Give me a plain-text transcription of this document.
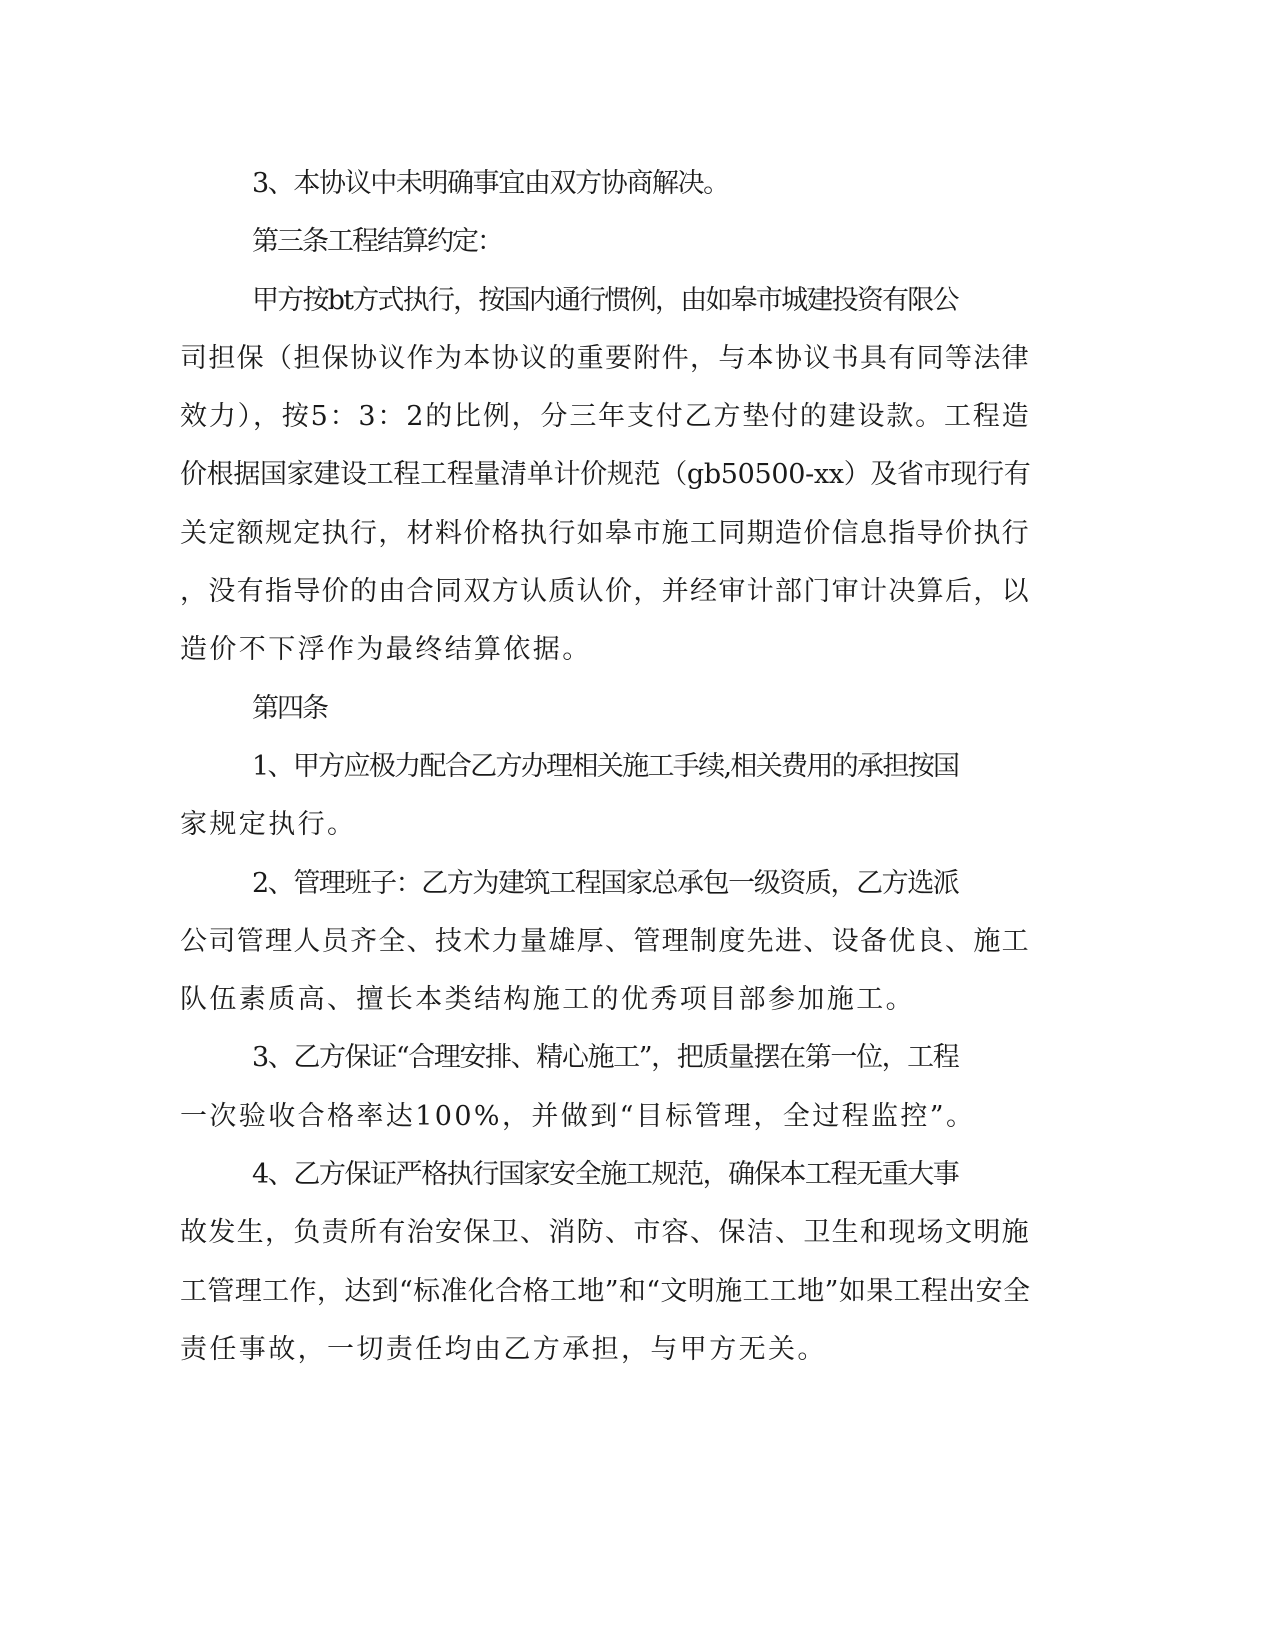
3、本协议中未明确事宜由双方协商解决。

第三条工程结算约定：

甲方按bt方式执行，按国内通行惯例，由如皋市城建投资有限公

司担保（担保协议作为本协议的重要附件，与本协议书具有同等法律

效力），按5：3：2的比例，分三年支付乙方垫付的建设款。工程造

价根据国家建设工程工程量清单计价规范（gb50500-xx）及省市现行有

关定额规定执行，材料价格执行如皋市施工同期造价信息指导价执行

，没有指导价的由合同双方认质认价，并经审计部门审计决算后，以

造价不下浮作为最终结算依据。

第四条

1、甲方应极力配合乙方办理相关施工手续,相关费用的承担按国

家规定执行。

2、管理班子：乙方为建筑工程国家总承包一级资质，乙方选派

公司管理人员齐全、技术力量雄厚、管理制度先进、设备优良、施工

队伍素质高、擅长本类结构施工的优秀项目部参加施工。

3、乙方保证“合理安排、精心施工”，把质量摆在第一位，工程

一次验收合格率达100%，并做到“目标管理，全过程监控”。

4、乙方保证严格执行国家安全施工规范，确保本工程无重大事

故发生，负责所有治安保卫、消防、市容、保洁、卫生和现场文明施

工管理工作，达到“标准化合格工地”和“文明施工工地”如果工程出安全

责任事故，一切责任均由乙方承担，与甲方无关。
